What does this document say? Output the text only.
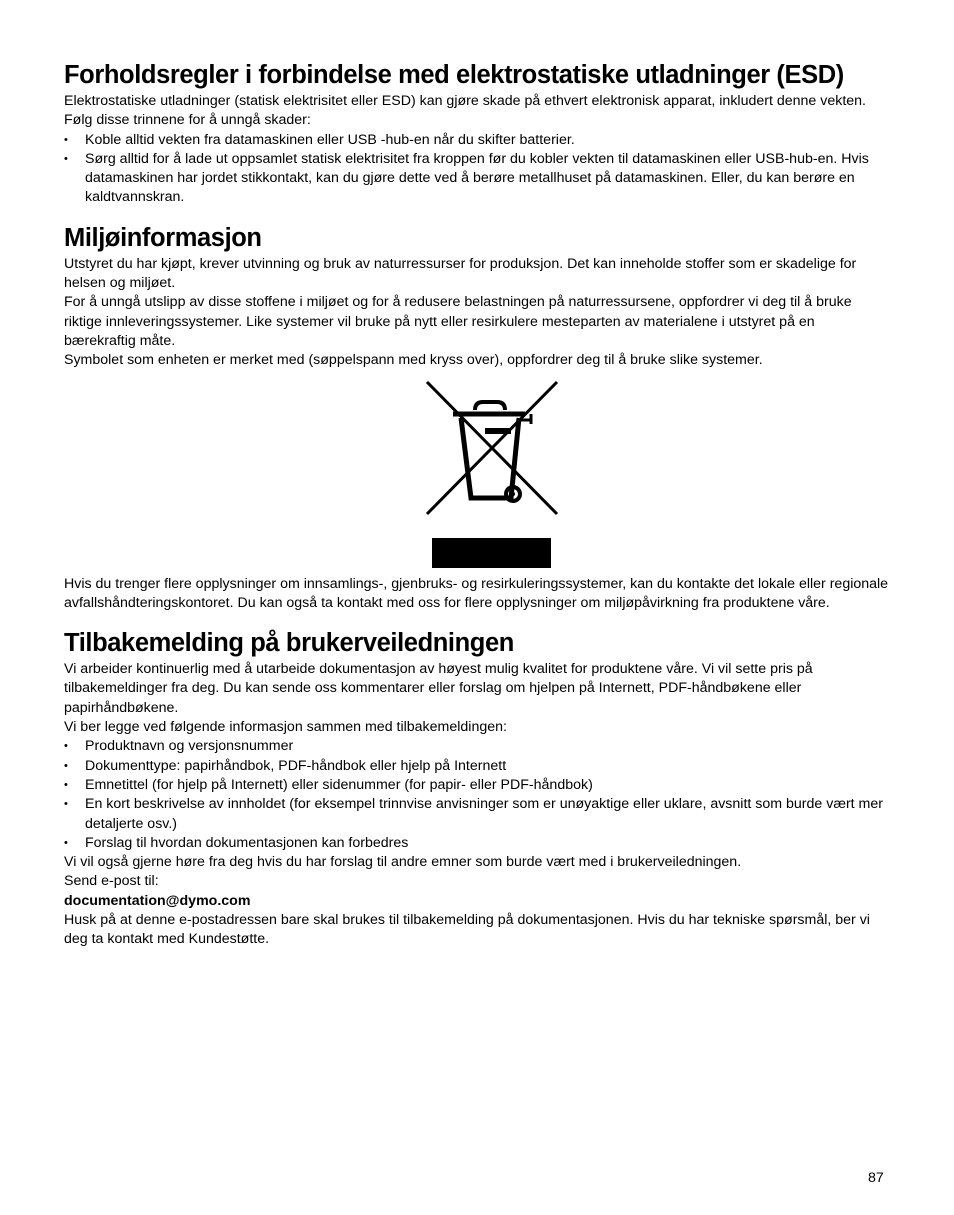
Forholdsregler i forbindelse med elektrostatiske utladninger (ESD)

Elektrostatiske utladninger (statisk elektrisitet eller ESD) kan gjøre skade på ethvert elektronisk apparat, inkludert denne vekten. Følg disse trinnene for å unngå skader:

• Koble alltid vekten fra datamaskinen eller USB -hub-en når du skifter batterier.
• Sørg alltid for å lade ut oppsamlet statisk elektrisitet fra kroppen før du kobler vekten til datamaskinen eller USB-hub-en. Hvis datamaskinen har jordet stikkontakt, kan du gjøre dette ved å berøre metallhuset på datamaskinen. Eller, du kan berøre en kaldtvannskran.
Miljøinformasjon

Utstyret du har kjøpt, krever utvinning og bruk av naturressurser for produksjon. Det kan inneholde stoffer som er skadelige for helsen og miljøet.

For å unngå utslipp av disse stoffene i miljøet og for å redusere belastningen på naturressursene, oppfordrer vi deg til å bruke riktige innleveringssystemer. Like systemer vil bruke på nytt eller resirkulere mesteparten av materialene i utstyret på en bærekraftig måte.

Symbolet som enheten er merket med (søppelspann med kryss over), oppfordrer deg til å bruke slike systemer.

Hvis du trenger flere opplysninger om innsamlings-, gjenbruks- og resirkuleringssystemer, kan du kontakte det lokale eller regionale avfallshåndteringskontoret. Du kan også ta kontakt med oss for flere opplysninger om miljøpåvirkning fra produktene våre.

Tilbakemelding på brukerveiledningen

Vi arbeider kontinuerlig med å utarbeide dokumentasjon av høyest mulig kvalitet for produktene våre. Vi vil sette pris på tilbakemeldinger fra deg. Du kan sende oss kommentarer eller forslag om hjelpen på Internett, PDF-håndbøkene eller papirhåndbøkene.

Vi ber legge ved følgende informasjon sammen med tilbakemeldingen:

• Produktnavn og versjonsnummer
• Dokumenttype: papirhåndbok, PDF-håndbok eller hjelp på Internett
• Emnetittel (for hjelp på Internett) eller sidenummer (for papir- eller PDF-håndbok)
• En kort beskrivelse av innholdet (for eksempel trinnvise anvisninger som er unøyaktige eller uklare, avsnitt som burde vært mer detaljerte osv.)
• Forslag til hvordan dokumentasjonen kan forbedres

Vi vil også gjerne høre fra deg hvis du har forslag til andre emner som burde vært med i brukerveiledningen.

Send e-post til:

documentation@dymo.com

Husk på at denne e-postadressen bare skal brukes til tilbakemelding på dokumentasjonen. Hvis du har tekniske spørsmål, ber vi deg ta kontakt med Kundestøtte.

87
